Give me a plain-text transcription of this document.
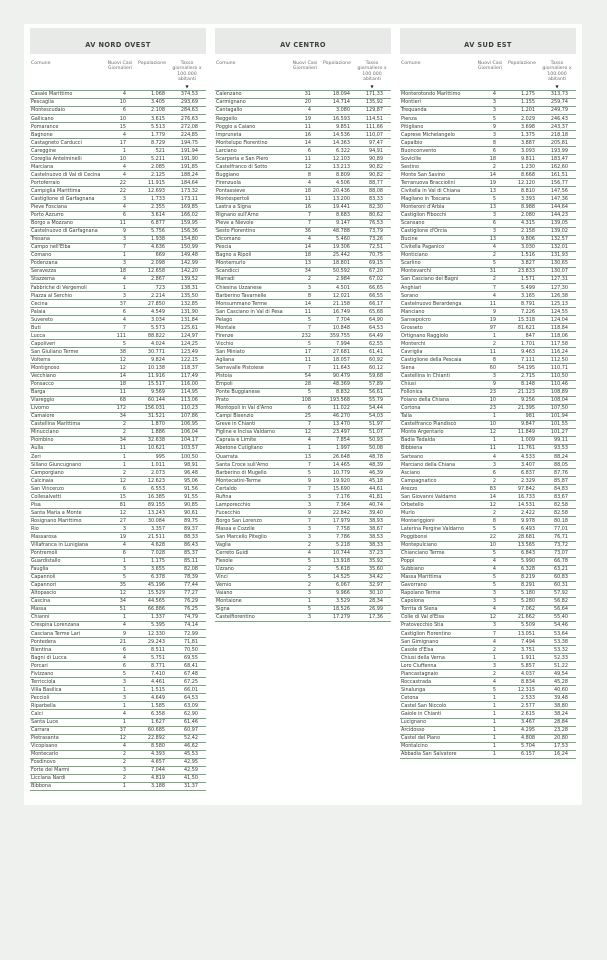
AV NORD OVEST
Comune	Nuovi Casi Giornalieri
Popolazione	Tasso giornaliero x 100.000 abitanti
▼
Casale Marittimo	4	1.068	374,53
Pescaglia	10	3.405	293,69
Montescudaio	6	2.108	284,63
Gallicano	10	3.615	276,63
Pomarance	15	5.513	272,08
Bagnone	4	1.779	224,85
Castagneto Carducci	17	8.729	194,75
Careggine	1	521	191,94
Coreglia Antelminelli	10	5.211	191,90
Marciana	4	2.085	191,85
Castelnuovo di Val di Cecina	4	2.125	188,24
Portoferraio	22	11.915	184,64
Campiglia Marittima	22	12.693	173,32
Castiglione di Garfagnana	3	1.733	173,11
Pieve Fosciana	4	2.355	169,85
Porto Azzurro	6	3.614	166,02
Borgo a Mozzano	11	6.877	159,95
Castelnuovo di Garfagnana	9	5.756	156,36
Tresana	3	1.938	154,80
Campo nell'Elba	7	4.636	150,99
Comano	1	669	149,48
Podenzana	3	2.098	142,99
Seravezza	18	12.658	142,20
Stazzema	4	2.867	139,52
Fabbriche di Vergemoli	1	723	138,31
Piazza al Serchio	3	2.214	135,50
Cecina	37	27.850	132,85
Palaia	6	4.549	131,90
Suvereto	4	3.034	131,84
Buti	7	5.573	125,61
Lucca	111	88.822	124,97
Capoliveri	5	4.024	124,25
San Giuliano Terme	38	30.771	123,49
Volterra	12	9.824	122,15
Montignoso	12	10.138	118,37
Vecchiano	14	11.916	117,49
Ponsacco	18	15.517	116,00
Barga	11	9.569	114,95
Viareggio	68	60.144	113,06
Livorno	172	156.031	110,23
Camaiore	34	31.521	107,86
Castellina Marittima	2	1.870	106,95
Minucciano	2	1.886	106,04
Piombino	34	32.638	104,17
Aulla	11	10.621	103,57
Zeri	1	995	100,50
Sillano Giuncugnano	1	1.011	98,91
Camporgiano	2	2.073	96,48
Calcinaia	12	12.623	95,06
San Vincenzo	6	6.553	91,56
Collesalvetti	15	16.385	91,55
Pisa	81	89.155	90,85
Santa Maria a Monte	12	13.243	90,61
Rosignano Marittimo	27	30.084	89,75
Rio	3	3.357	89,37
Massarosa	19	21.511	88,33
Villafranca in Lunigiana	4	4.628	86,43
Pontremoli	6	7.028	85,37
Guardistallo	1	1.175	85,11
Fauglia	3	3.655	82,08
Capannoli	5	6.378	78,39
Capannori	35	45.196	77,44
Altopascio	12	15.529	77,27
Cascina	34	44.565	76,29
Massa	51	66.886	76,25
Chianni	1	1.337	74,79
Crespina Lorenzana	4	5.395	74,14
Casciana Terme Lari	9	12.330	72,99
Pontedera	21	29.243	71,81
Bientina	6	8.511	70,50
Bagni di Lucca	4	5.751	69,55
Porcari	6	8.771	68,41
Fivizzano	5	7.410	67,48
Terricciola	3	4.461	67,25
Villa Basilica	1	1.515	66,01
Peccioli	3	4.649	64,53
Riparbella	1	1.585	63,09
Calci	4	6.358	62,90
Santa Luce	1	1.627	61,46
Carrara	37	60.685	60,97
Pietrasanta	12	22.892	52,42
Vicopisano	4	8.580	46,62
Montecarlo	2	4.393	45,53
Fosdinovo	2	4.657	42,95
Forte dei Marmi	3	7.044	42,59
Licciana Nardi	2	4.819	41,50
Bibbona	1	3.188	31,37
AV CENTRO
Comune	Nuovi Casi Giornalieri
Popolazione	Tasso giornaliero x 100.000 abitanti
▼
Calenzano	31	18.094	171,33
Carmignano	20	14.714	135,92
Cantagallo	4	3.080	129,87
Reggello	19	16.593	114,51
Poggio a Caiano	11	9.851	111,66
Impruneta	16	14.536	110,07
Montelupo Fiorentino	14	14.363	97,47
Larciano	6	6.322	94,91
Scarperia e San Piero	11	12.103	90,89
Castelfranco di Sotto	12	13.213	90,82
Buggiano	8	8.809	90,82
Firenzuola	4	4.506	88,77
Pontassieve	18	20.436	88,08
Montespertoli	11	13.200	83,33
Lastra a Signa	16	19.441	82,30
Rignano sull'Arno	7	8.683	80,62
Pieve a Nievole	7	9.147	76,53
Sesto Fiorentino	36	48.788	73,79
Dicomano	4	5.460	73,26
Pescia	14	19.306	72,51
Bagno a Ripoli	18	25.442	70,75
Montemurlo	13	18.801	69,15
Scandicci	34	50.592	67,20
Marradi	2	2.984	67,02
Chiesina Uzzanese	3	4.501	66,65
Barberino Tavarnelle	8	12.021	66,55
Monsummano Terme	14	21.158	66,17
San Casciano in Val di Pesa	11	16.749	65,68
Pelago	5	7.704	64,90
Montale	7	10.848	64,53
Firenze	232	359.755	64,49
Vicchio	5	7.994	62,55
San Miniato	17	27.681	61,41
Agliana	11	18.057	60,92
Serravalle Pistoiese	7	11.643	60,12
Pistoia	54	90.479	59,68
Empoli	28	48.369	57,89
Ponte Buggianese	5	8.832	56,61
Prato	108	193.568	55,79
Montopoli in Val d'Arno	6	11.022	54,44
Campi Bisenzio	25	46.270	54,03
Greve in Chianti	7	13.470	51,97
Figline e Incisa Valdarno	12	23.497	51,07
Capraia e Limite	4	7.854	50,93
Abetone Cutigliano	1	1.997	50,08
Quarrata	13	26.648	48,78
Santa Croce sull'Arno	7	14.465	48,39
Barberino di Mugello	5	10.779	46,39
Montecatini-Terme	9	19.920	45,18
Certaldo	7	15.690	44,61
Rufina	3	7.176	41,81
Lamporecchio	3	7.364	40,74
Fucecchio	9	22.842	39,40
Borgo San Lorenzo	7	17.979	38,93
Massa e Cozzile	3	7.758	38,67
San Marcello Piteglio	3	7.786	38,53
Vaglia	2	5.218	38,33
Cerreto Guidi	4	10.744	37,23
Fiesole	5	13.918	35,92
Uzzano	2	5.618	35,60
Vinci	5	14.525	34,42
Vernio	2	6.067	32,97
Vaiano	3	9.966	30,10
Montaione	1	3.529	28,34
Signa	5	18.526	26,99
Castelfiorentino	3	17.279	17,36
AV SUD EST
Comune	Nuovi Casi Giornalieri
Popolazione	Tasso giornaliero x 100.000 abitanti
▼
Monterotondo Marittimo	4	1.275	313,73
Montieri	3	1.155	259,74
Trequanda	3	1.201	249,79
Pienza	5	2.029	246,43
Pitigliano	9	3.698	243,37
Caprese Michelangelo	3	1.375	218,18
Capalbio	8	3.887	205,81
Buonconvento	6	3.093	193,99
Sovicille	18	9.811	183,47
Sestino	2	1.230	162,60
Monte San Savino	14	8.668	161,51
Terranuova Bracciolini	19	12.120	156,77
Civitella in Val di Chiana	13	8.810	147,56
Magliano in Toscana	5	3.393	147,36
Monteroni d'Arbia	13	8.988	144,64
Castiglion Fibocchi	3	2.080	144,23
Scansano	6	4.315	139,05
Castiglione d'Orcia	3	2.158	139,02
Bucine	13	9.806	132,57
Civitella Paganico	4	3.030	132,01
Monticiano	2	1.516	131,93
Scarlino	5	3.827	130,65
Montevarchi	31	23.833	130,07
San Casciano dei Bagni	2	1.571	127,31
Anghiari	7	5.499	127,30
Sorano	4	3.165	126,38
Castelnuovo Berardenga	11	8.791	125,13
Manciano	9	7.226	124,55
Sansepolcro	19	15.318	124,04
Grosseto	97	81.621	118,84
Ortignano Raggiolo	1	847	118,06
Monterchi	2	1.701	117,58
Cavriglia	11	9.463	116,24
Castiglione della Pescaia	8	7.111	112,50
Siena	60	54.195	110,71
Castellina in Chianti	3	2.715	110,50
Chiusi	9	8.148	110,46
Follonica	23	21.123	108,89
Foiano della Chiana	10	9.256	108,04
Cortona	23	21.395	107,50
Talla	1	981	101,94
Castelfranco Piandiscò	10	9.847	101,55
Monte Argentario	12	11.849	101,27
Badia Tedalda	1	1.009	99,11
Bibbiena	11	11.761	93,53
Sarteano	4	4.533	88,24
Marciano della Chiana	3	3.407	88,05
Asciano	6	6.837	87,76
Campagnatico	2	2.329	85,87
Arezzo	83	97.842	84,83
San Giovanni Valdarno	14	16.733	83,67
Orbetello	12	14.531	82,58
Murlo	2	2.422	82,58
Monteriggioni	8	9.978	80,18
Laterina Pergine Valdarno	5	6.493	77,01
Poggibonsi	22	28.681	76,71
Montepulciano	10	13.565	73,72
Chianciano Terme	5	6.843	73,07
Poppi	4	5.990	66,78
Subbiano	4	6.328	63,21
Massa Marittima	5	8.219	60,83
Gavorrano	5	8.291	60,31
Rapolano Terme	3	5.180	57,92
Capolona	3	5.280	56,82
Torrita di Siena	4	7.062	56,64
Colle di Val d'Elsa	12	21.662	55,40
Pratovecchio Stia	3	5.509	54,46
Castiglion Fiorentino	7	13.051	53,64
San Gimignano	4	7.494	53,38
Casole d'Elsa	2	3.751	53,32
Chiusi della Verna	1	1.911	52,33
Loro Ciuffenna	3	5.857	51,22
Piancastagnaio	2	4.037	49,54
Roccastrada	4	8.834	45,28
Sinalunga	5	12.315	40,60
Cetona	1	2.533	39,48
Castel San Niccolò	1	2.577	38,80
Gaiole in Chianti	1	2.615	38,24
Lucignano	1	3.467	28,84
Arcidosso	1	4.295	23,28
Castel del Piano	1	4.808	20,80
Montalcino	1	5.704	17,53
Abbadia San Salvatore	1	6.157	16,24
